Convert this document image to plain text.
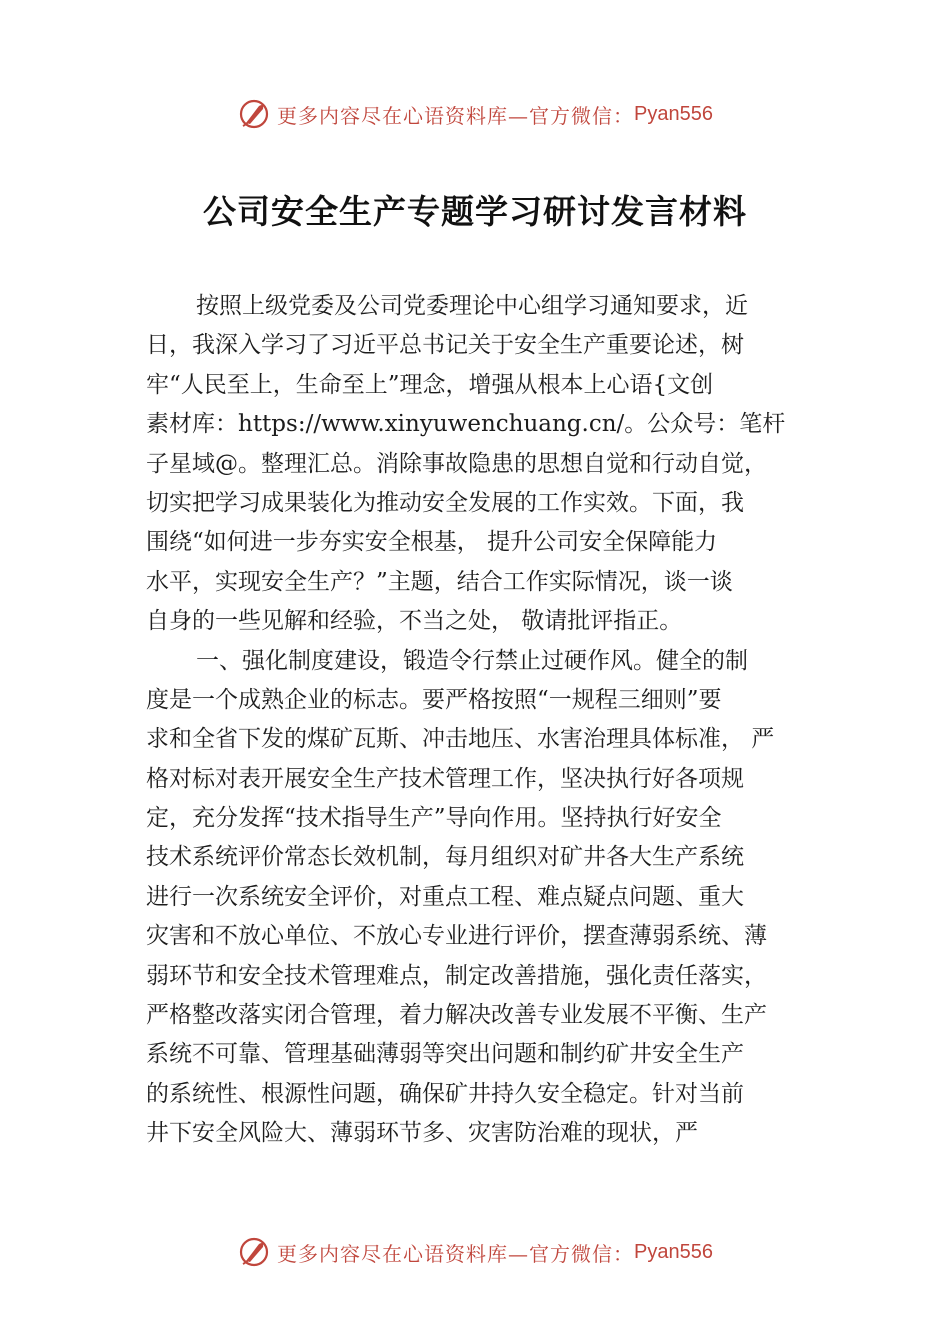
更多内容尽在心语资料库—官方微信： Pyan556
公司安全生产专题学习研讨发言材料
按照上级党委及公司党委理论中心组学习通知要求，近
日，我深入学习了习近平总书记关于安全生产重要论述，树
牢“人民至上，生命至上”理念，增强从根本上心语{文创
素材库：https://www.xinyuwenchuang.cn/。公众号：笔杆
子星域@。整理汇总。消除事故隐患的思想自觉和行动自觉，
切实把学习成果装化为推动安全发展的工作实效。下面，我
围绕“如何进一步夯实安全根基， 提升公司安全保障能力
水平，实现安全生产？”主题，结合工作实际情况，谈一谈
自身的一些见解和经验，不当之处， 敬请批评指正。
一、强化制度建设，锻造令行禁止过硬作风。健全的制
度是一个成熟企业的标志。要严格按照“一规程三细则”要
求和全省下发的煤矿瓦斯、冲击地压、水害治理具体标准， 严
格对标对表开展安全生产技术管理工作，坚决执行好各项规
定，充分发挥“技术指导生产”导向作用。坚持执行好安全
技术系统评价常态长效机制，每月组织对矿井各大生产系统
进行一次系统安全评价，对重点工程、难点疑点问题、重大
灾害和不放心单位、不放心专业进行评价，摆查薄弱系统、薄
弱环节和安全技术管理难点，制定改善措施，强化责任落实，
严格整改落实闭合管理，着力解决改善专业发展不平衡、生产
系统不可靠、管理基础薄弱等突出问题和制约矿井安全生产
的系统性、根源性问题，确保矿井持久安全稳定。针对当前
井下安全风险大、薄弱环节多、灾害防治难的现状，严
更多内容尽在心语资料库—官方微信： Pyan556
